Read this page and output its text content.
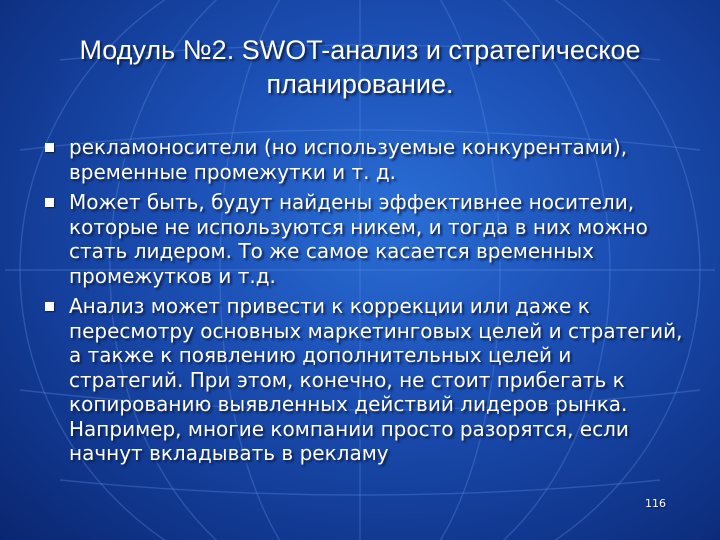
Модуль №2. SWOT-анализ и стратегическое
планирование.
рекламоносители (но используемые конкурентами), временные промежутки и т. д.
Может быть, будут найдены эффективнее носители, которые не используются никем, и тогда в них можно стать лидером. То же самое касается временных промежутков и т.д.
Анализ может привести к коррекции или даже к пересмотру основных маркетинговых целей и стратегий, а также к появлению дополнительных целей и стратегий. При этом, конечно, не стоит прибегать к копированию выявленных действий лидеров рынка. Например, многие компании просто разорятся, если начнут вкладывать в рекламу
116
